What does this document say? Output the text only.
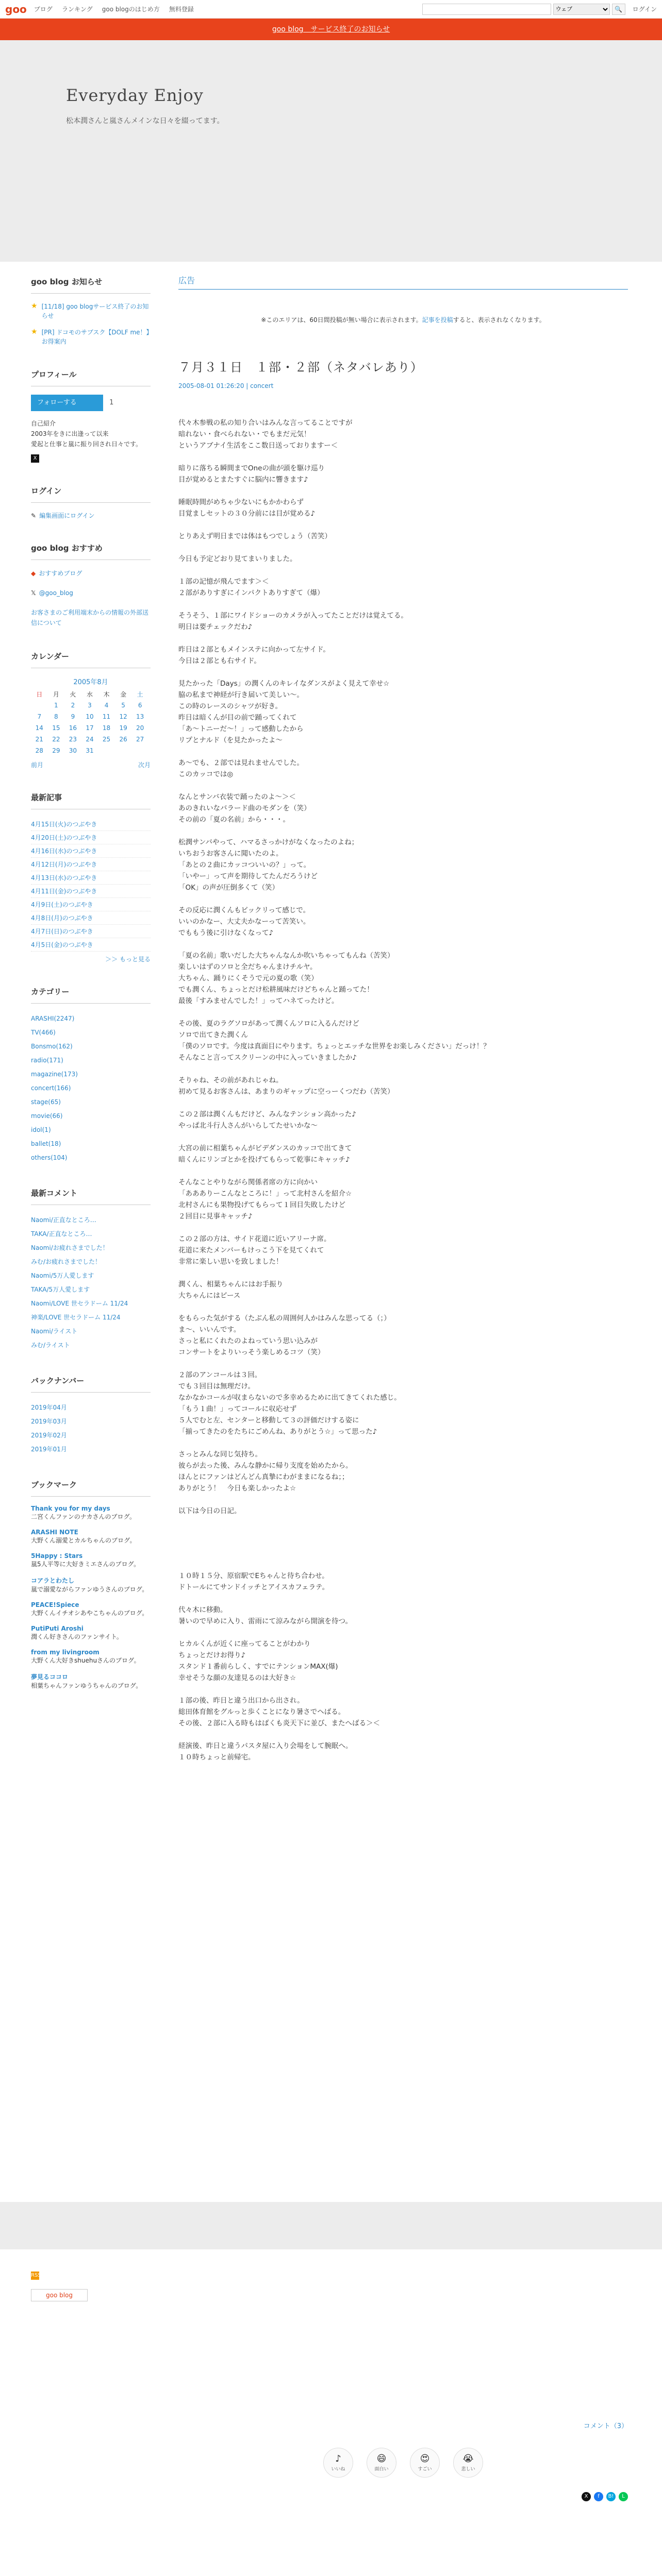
goo ブログ ランキング goo blogのはじめ方 無料登録
ウェブ	🔍	ログイン
goo blog　サービス終了のお知らせ
Everyday Enjoy
松本潤さんと嵐さんメインな日々を綴ってます。
goo blog お知らせ
★ [11/18] goo blogサービス終了のお知らせ
★ [PR] ドコモのサブスク【DOLF me！】お得案内
プロフィール
フォローする	1
自己紹介
2003年をきに出逢って以来
愛起と仕事と嵐に振り回され日々です。
X
ログイン
✎ 編集画面にログイン
goo blog おすすめ
◆ おすすめブログ
𝕏 @goo_blog
お客さまのご利用端末からの情報の外部送信について
カレンダー
2005年8月
日	月	火	水	木	金	土
	1	2	3	4	5	6
7	8	9	10	11	12	13
14	15	16	17	18	19	20
21	22	23	24	25	26	27
28	29	30	31			
前月	次月
最新記事
4月15日(火)のつぶやき
4月20日(土)のつぶやき
4月16日(水)のつぶやき
4月12日(月)のつぶやき
4月13日(水)のつぶやき
4月11日(金)のつぶやき
4月9日(土)のつぶやき
4月8日(月)のつぶやき
4月7日(日)のつぶやき
4月5日(金)のつぶやき
＞＞ もっと見る
カテゴリー
ARASHI(2247)
TV(466)
Bonsmo(162)
radio(171)
magazine(173)
concert(166)
stage(65)
movie(66)
idol(1)
ballet(18)
others(104)
最新コメント
Naomi/正直なところ…
TAKA/正直なところ…
Naomi/お疲れさまでした！
みむ/お疲れさまでした！
Naomi/5万人愛します
TAKA/5万人愛します
Naomi/LOVE 世セラドーム 11/24
神楽/LOVE 世セラドーム 11/24
Naomi/ライスト
みむ/ライスト
バックナンバー
2019年04月
2019年03月
2019年02月
2019年01月
ブックマーク
Thank you for my days
二宮くんファンのナカさんのブログ。
ARASHI NOTE
大野くん溺愛とカルちゃんのブログ。
5Happy : Stars
嵐5人平等に大好きミエさんのブログ。
コアラとわたし
嵐で溺愛ながらファンゆうさんのブログ。
PEACE!Spiece
大野くんイチオシあやこちゃんのブログ。
PutiPuti Aroshi
潤くん好きさんのファンサイト。
from my livingroom
大野くん大好きshuehuさんのブログ。
夢見るココロ
相葉ちゃんファンゆうちゃんのブログ。
広告
※このエリアは、60日間投稿が無い場合に表示されます。記事を投稿すると、表示されなくなります。
７月３１日　１部・２部（ネタバレあり）
2005-08-01 01:26:20 | concert

代々木参戦の私の知り合いはみんな言ってることですが
暗れない・食べられない・でもまだ元気！
というアブナイ生活をここ数日送っておりますー＜

暗りに落ちる瞬間までOneの曲が頭を駆け巡り
目が覚めるとまたすぐに脳内に響きます♪

睡眠時間がめちゃ少ないにもかかわらず
目覚ましセットの３０分前には目が覚める♪

とりあえず明日までは体はもつでしょう（苦笑）

今日も予定どおり見てまいりました。

１部の記憶が飛んでます＞＜
２部がありすぎにインパクトありすぎて（爆）

そうそう、１部にワイドショーのカメラが入ってたことだけは覚えてる。
明日は要チェックだわ♪

昨日は２部ともメインステに向かって左サイド。
今日は２部とも右サイド。

見たかった「Days」の潤くんのキレイなダンスがよく見えて幸せ☆
脇の私まで神経が行き届いて美しい～。
この時のレースのシャツが好き。
昨日は暗くんが目の前で踊ってくれて
「あ～トニーだ～！」って感動したから
リプとナルド（を見たかったよ～

あ～でも、２部では見れませんでした。
このカッコでは◎

なんとサンバ衣装で踊ったのよ～＞＜
あのきれいなバラード曲のモダンを（笑）
その前の「夏の名前」から・・・。

松潤サンバやって、ハマるさっかけがなくなったのよね；
いちおうお客さんに聞いたのよ。
「あとの２曲にカッコついいの？」って。
「いやー」って声を期待してたんだろうけど
「OK」の声が圧倒多くて（笑）

その反応に潤くんもビックリって感じで。
いいのかなー、大丈夫かなーって苦笑い。
でももう後に引けなくなって♪

「夏の名前」歌いだした大ちゃんなんか吹いちゃってもんね（苦笑）
楽しいはずのソロと全だちゃんまけチルヤ。
大ちゃん、踊りにくそうで元の夏の歌（笑）
でも潤くん、ちょっとだけ松耕風味だけどちゃんと踊ってた！
最後「すみませんでした！」ってハネてったけど。

その後、夏のラグソロがあって潤くんソロに入るんだけど
ソロで出てきた潤くん
「僕のソロです。今度は真面目にやります。ちょっとエッチな世界をお楽しみください」だっけ！？
そんなこと言ってスクリーンの中に入っていきましたか♪

そりゃね、その前があれじゃね。
初めて見るお客さんは、あまりのギャップに空っーくつだわ（苦笑）

この２部は潤くんもだけど、みんなテンション高かった♪
やっぱ北斗行人さんがいらしてたせいかな～

大宮の前に相葉ちゃんがビデダンスのカッコで出てきて
暗くんにリンゴとかを投げてもらって乾事にキャッチ♪

そんなことやりながら関係者席の方に向かい
「ああありーこんなところに！」って北村さんを紹介☆
北村さんにも果物投げてもらって１回目失敗したけど
２回目に見事キャッチ♪

この２部の方は、サイド花道に近いアリーナ席。
花道に来たメンバーもけっこう下を見てくれて
非常に楽しい思いを致しました！

潤くん、相葉ちゃんにはお手振り
大ちゃんにはピース

をもらった気がする（たぶん私の周囲何人かはみんな思ってる（；）
ま～、いいんです。
さっと私にくれたのよねっていう思い込みが
コンサートをよりいっそう楽しめるコツ（笑）

２部のアンコールは３回。
でも３回目は無理だけ。
なかなかコールが収まらないので多幸めるために出てきてくれた感じ。
「もう１曲！」ってコールに収応せず
５人でむと左、センターと移動して３の評価だけする姿に
「揃ってきたのをたちにごめんね、ありがとう☆」って思った♪

さっとみんな同じ気持ち。
彼らが去った後、みんな静かに帰り支度を始めたから。
ほんとにファンはどんどん真摯にわがままになるね；；
ありがとう！　今日も楽しかったよ☆

以下は今日の日記。

１０時１５分、原宿駅でEちゃんと待ち合わせ。
ドトールにてサンドイッチとアイスカフェラテ。

代々木に移動。
暑いので早めに入り、雷雨にて涼みながら開演を待つ。

ヒカルくんが近くに座ってることがわかり
ちょっとだけお得り♪
スタンド１番前らしく、すでにテンションMAX(爆)
幸せそうな顔の友達見るのは大好き☆

１部の後、昨日と違う出口から出され。
総田体育館をグルっと歩くことになり暑さでヘばる。
その後、２部に入る時もはばくも炎天下に並び、またへばる＞＜

経演後、昨日と違うパスタ屋に入り会場をして腕眠へ。
１０時ちょっと前帰宅。

RSS
goo blog
コメント（3）
♪
いいね
😄
面白い
😍
すごい
😭
悲しい
X	f	B!	L
